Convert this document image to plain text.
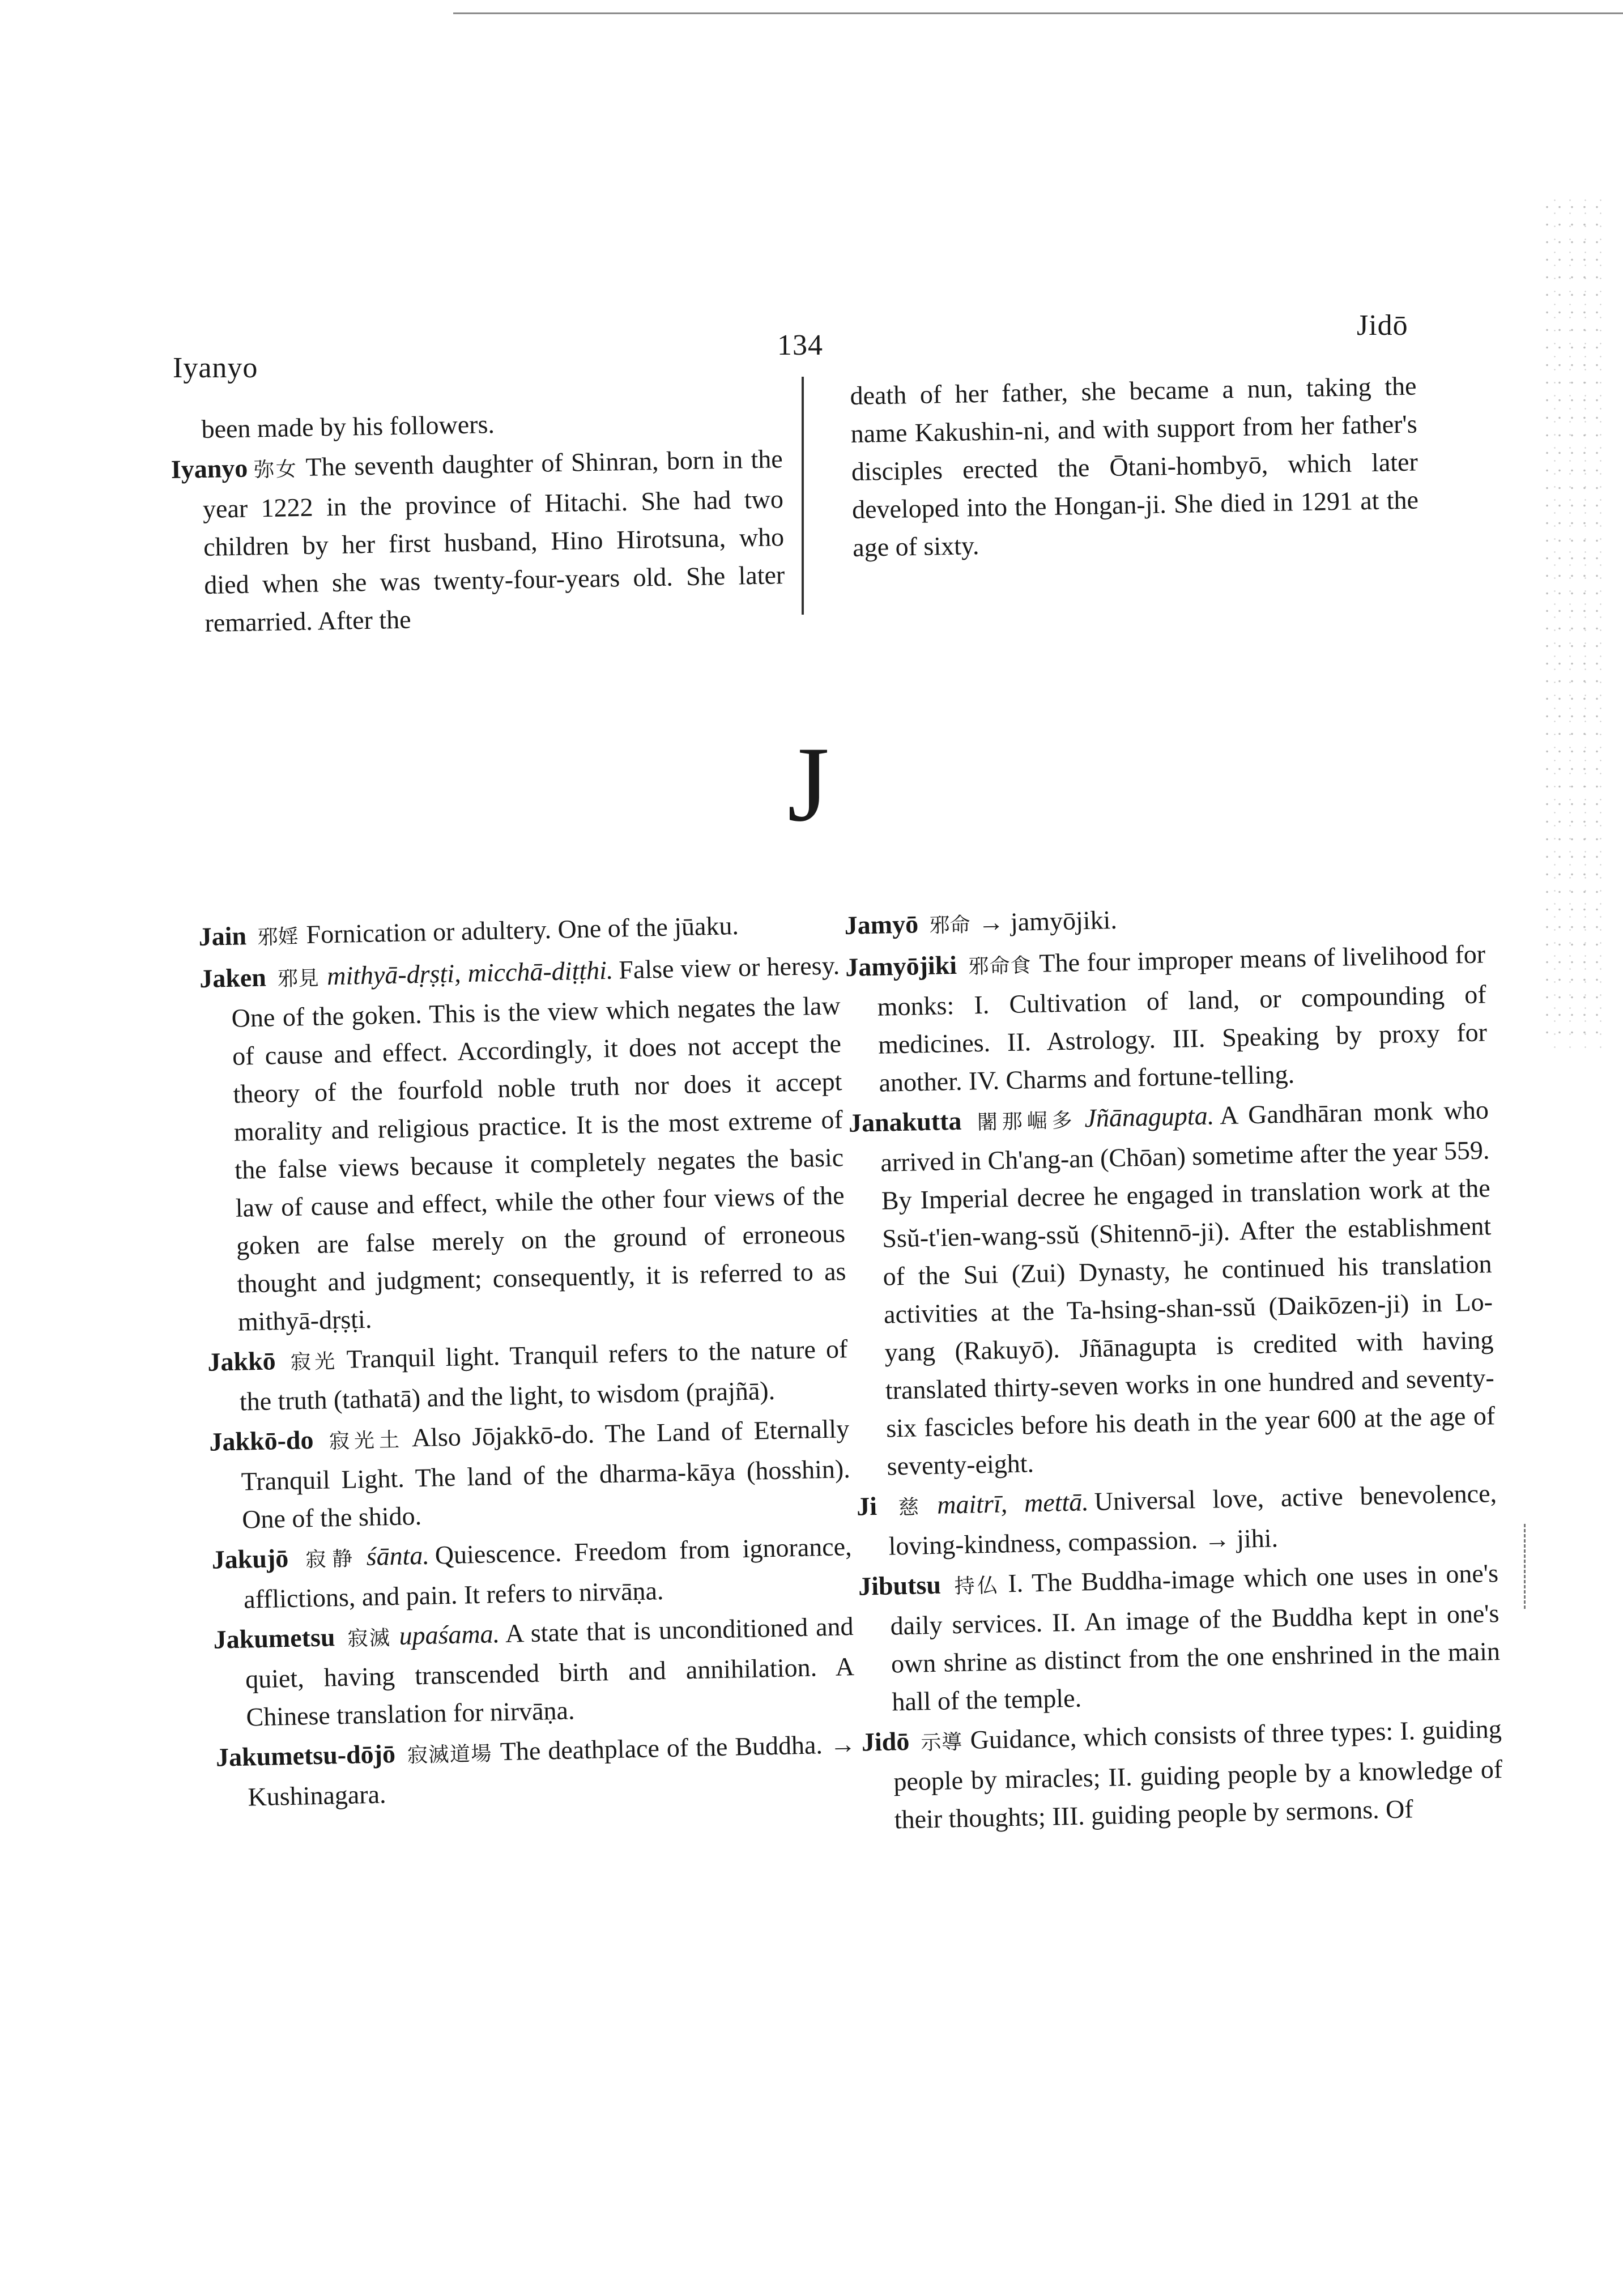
Iyanyo
134
Jidō

been made by his followers.

Iyanyo 弥女 The seventh daughter of Shinran, born in the year 1222 in the province of Hitachi. She had two children by her first husband, Hino Hirotsuna, who died when she was twenty-four-years old. She later remarried. After the

death of her father, she became a nun, taking the name Kakushin-ni, and with support from her father's disciples erected the Ōtani-hombyō, which later developed into the Hongan-ji. She died in 1291 at the age of sixty.

J

Jain 邪婬 Fornication or adultery. One of the jūaku.

Jaken 邪見 mithyā-dṛṣṭi, micchā-diṭṭhi. False view or heresy. One of the goken. This is the view which negates the law of cause and effect. Accordingly, it does not accept the theory of the fourfold noble truth nor does it accept morality and religious practice. It is the most extreme of the false views because it completely negates the basic law of cause and effect, while the other four views of the goken are false merely on the ground of erroneous thought and judgment; consequently, it is referred to as mithyā-dṛṣṭi.

Jakkō 寂光 Tranquil light. Tranquil refers to the nature of the truth (tathatā) and the light, to wisdom (prajñā).

Jakkō-do 寂光土 Also Jōjakkō-do. The Land of Eternally Tranquil Light. The land of the dharma-kāya (hosshin). One of the shido.

Jakujō 寂静 śānta. Quiescence. Freedom from ignorance, afflictions, and pain. It refers to nirvāṇa.

Jakumetsu 寂滅 upaśama. A state that is unconditioned and quiet, having transcended birth and annihilation. A Chinese translation for nirvāṇa.

Jakumetsu-dōjō 寂滅道場 The deathplace of the Buddha. → Kushinagara.

Jamyō 邪命 → jamyōjiki.

Jamyōjiki 邪命食 The four improper means of livelihood for monks: I. Cultivation of land, or compounding of medicines. II. Astrology. III. Speaking by proxy for another. IV. Charms and fortune-telling.

Janakutta 闍那崛多 Jñānagupta. A Gandhāran monk who arrived in Ch'ang-an (Chōan) sometime after the year 559. By Imperial decree he engaged in translation work at the Ssŭ-t'ien-wang-ssŭ (Shitennō-ji). After the establishment of the Sui (Zui) Dynasty, he continued his translation activities at the Ta-hsing-shan-ssŭ (Daikōzen-ji) in Lo-yang (Rakuyō). Jñānagupta is credited with having translated thirty-seven works in one hundred and seventy-six fascicles before his death in the year 600 at the age of seventy-eight.

Ji 慈 maitrī, mettā. Universal love, active benevolence, loving-kindness, compassion. → jihi.

Jibutsu 持仏 I. The Buddha-image which one uses in one's daily services. II. An image of the Buddha kept in one's own shrine as distinct from the one enshrined in the main hall of the temple.

Jidō 示導 Guidance, which consists of three types: I. guiding people by miracles; II. guiding people by a knowledge of their thoughts; III. guiding people by sermons. Of
